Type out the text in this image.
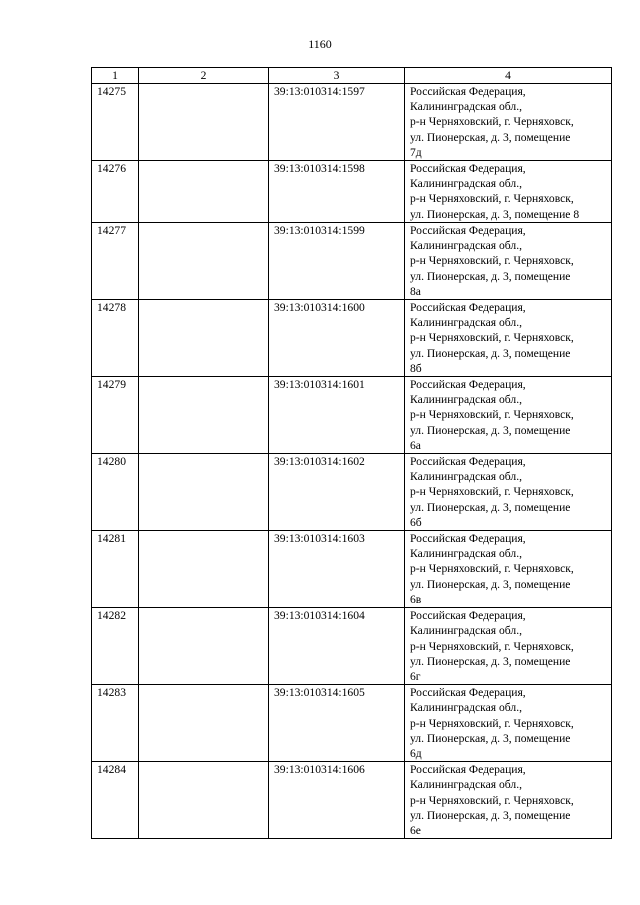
1160
1	2	3	4
14275		39:13:010314:1597	Российская Федерация,
Калининградская обл.,
р-н Черняховский, г. Черняховск,
ул. Пионерская, д. 3, помещение
7д

14276		39:13:010314:1598	Российская Федерация,
Калининградская обл.,
р-н Черняховский, г. Черняховск,
ул. Пионерская, д. 3, помещение 8

14277		39:13:010314:1599	Российская Федерация,
Калининградская обл.,
р-н Черняховский, г. Черняховск,
ул. Пионерская, д. 3, помещение
8а

14278		39:13:010314:1600	Российская Федерация,
Калининградская обл.,
р-н Черняховский, г. Черняховск,
ул. Пионерская, д. 3, помещение
8б

14279		39:13:010314:1601	Российская Федерация,
Калининградская обл.,
р-н Черняховский, г. Черняховск,
ул. Пионерская, д. 3, помещение
6а

14280		39:13:010314:1602	Российская Федерация,
Калининградская обл.,
р-н Черняховский, г. Черняховск,
ул. Пионерская, д. 3, помещение
6б

14281		39:13:010314:1603	Российская Федерация,
Калининградская обл.,
р-н Черняховский, г. Черняховск,
ул. Пионерская, д. 3, помещение
6в

14282		39:13:010314:1604	Российская Федерация,
Калининградская обл.,
р-н Черняховский, г. Черняховск,
ул. Пионерская, д. 3, помещение
6г

14283		39:13:010314:1605	Российская Федерация,
Калининградская обл.,
р-н Черняховский, г. Черняховск,
ул. Пионерская, д. 3, помещение
6д

14284		39:13:010314:1606	Российская Федерация,
Калининградская обл.,
р-н Черняховский, г. Черняховск,
ул. Пионерская, д. 3, помещение
6е
